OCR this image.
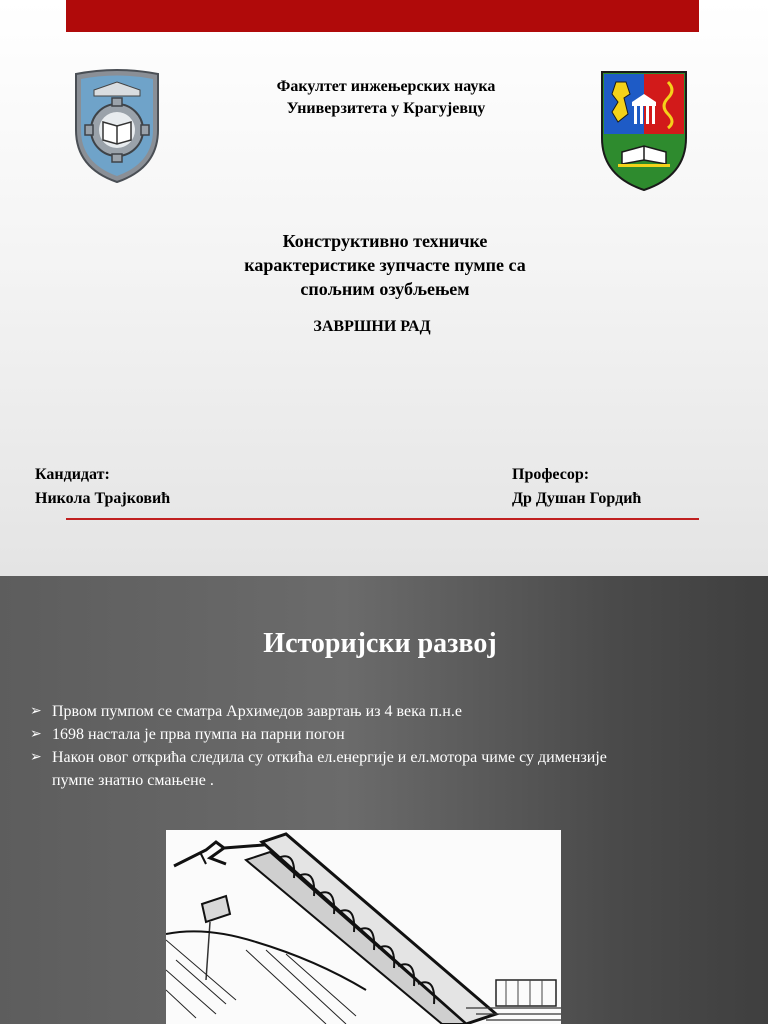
Факултет инжењерских наука
Универзитета у Крагујевцу
Конструктивно техничке
карактеристике зупчасте пумпе са
спољним озубљењем
ЗАВРШНИ РАД
Кандидат:
Никола Трајковић
Професор:
Др Душан Гордић
Историјски развој
➢ Првом пумпом се сматра Архимедов завртањ из 4 века п.н.е
➢ 1698 настала је прва пумпа на парни погон
➢ Након овог открића следила су откића ел.енергије и ел.мотора чиме су димензије пумпе знатно смањене .
